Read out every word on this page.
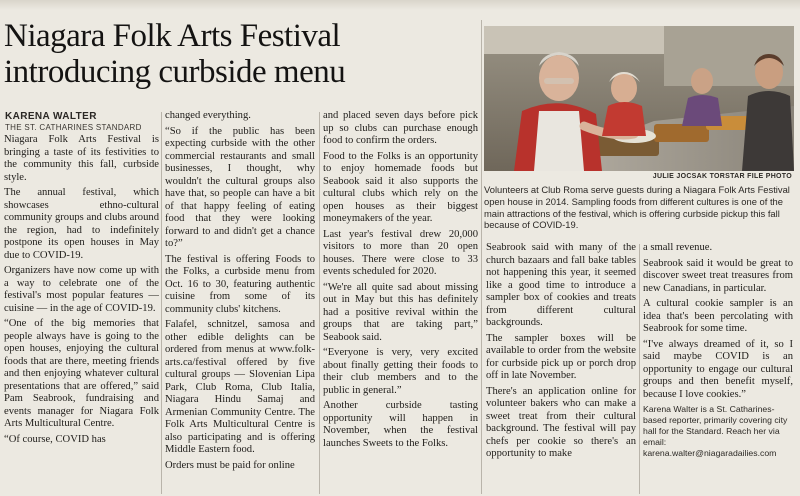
Niagara Folk Arts Festival
introducing curbside menu
KARENA WALTER
THE ST. CATHARINES STANDARD

Niagara Folk Arts Festival is bringing a taste of its festivities to the community this fall, curbside style.

The annual festival, which showcases ethno-cultural community groups and clubs around the region, had to indefinitely postpone its open houses in May due to COVID-19.

Organizers have now come up with a way to celebrate one of the festival's most popular features — cuisine — in the age of COVID-19.

“One of the big memories that people always have is going to the open houses, enjoying the cultural foods that are there, meeting friends and then enjoying whatever cultural presentations that are offered,” said Pam Seabrook, fundraising and events manager for Niagara Folk Arts Multicultural Centre.

“Of course, COVID has

changed everything.

“So if the public has been expecting curbside with the other commercial restaurants and small businesses, I thought, why wouldn't the cultural groups also have that, so people can have a bit of that happy feeling of eating food that they were looking forward to and didn't get a chance to?”

The festival is offering Foods to the Folks, a curbside menu from Oct. 16 to 30, featuring authentic cuisine from some of its community clubs' kitchens.

Falafel, schnitzel, samosa and other edible delights can be ordered from menus at www.folk-arts.ca/festival offered by five cultural groups — Slovenian Lipa Park, Club Roma, Club Italia, Niagara Hindu Samaj and Armenian Community Centre. The Folk Arts Multicultural Centre is also participating and is offering Middle Eastern food.

Orders must be paid for online

and placed seven days before pick up so clubs can purchase enough food to confirm the orders.

Food to the Folks is an opportunity to enjoy homemade foods but Seabook said it also supports the cultural clubs which rely on the open houses as their biggest moneymakers of the year.

Last year's festival drew 20,000 visitors to more than 20 open houses. There were close to 33 events scheduled for 2020.

“We're all quite sad about missing out in May but this has definitely had a positive revival within the groups that are taking part,” Seabook said.

“Everyone is very, very excited about finally getting their foods to their club members and to the public in general.”

Another curbside tasting opportunity will happen in November, when the festival launches Sweets to the Folks.

JULIE JOCSAK TORSTAR FILE PHOTO
Volunteers at Club Roma serve guests during a Niagara Folk Arts Festival open house in 2014. Sampling foods from different cultures is one of the main attractions of the festival, which is offering curbside pickup this fall because of COVID-19.

Seabrook said with many of the church bazaars and fall bake tables not happening this year, it seemed like a good time to introduce a sampler box of cookies and treats from different cultural backgrounds.

The sampler boxes will be available to order from the website for curbside pick up or porch drop off in late November.

There's an application online for volunteer bakers who can make a sweet treat from their cultural background. The festival will pay chefs per cookie so there's an opportunity to make

a small revenue.

Seabrook said it would be great to discover sweet treat treasures from new Canadians, in particular.

A cultural cookie sampler is an idea that's been percolating with Seabrook for some time.

“I've always dreamed of it, so I said maybe COVID is an opportunity to engage our cultural groups and then benefit myself, because I love cookies.”

Karena Walter is a St. Catharines-based reporter, primarily covering city hall for the Standard. Reach her via email: karena.walter@niagaradailies.com
